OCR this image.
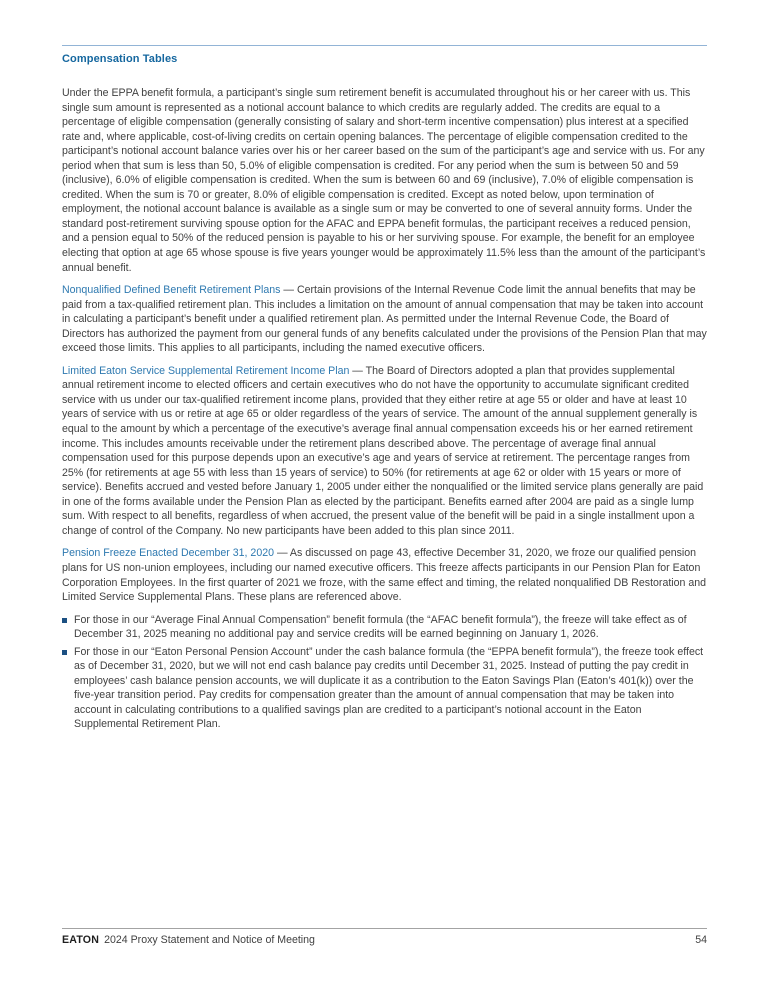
Compensation Tables

Under the EPPA benefit formula, a participant’s single sum retirement benefit is accumulated throughout his or her career with us. This single sum amount is represented as a notional account balance to which credits are regularly added. The credits are equal to a percentage of eligible compensation (generally consisting of salary and short-term incentive compensation) plus interest at a specified rate and, where applicable, cost-of-living credits on certain opening balances. The percentage of eligible compensation credited to the participant’s notional account balance varies over his or her career based on the sum of the participant’s age and service with us. For any period when that sum is less than 50, 5.0% of eligible compensation is credited. For any period when the sum is between 50 and 59 (inclusive), 6.0% of eligible compensation is credited. When the sum is between 60 and 69 (inclusive), 7.0% of eligible compensation is credited. When the sum is 70 or greater, 8.0% of eligible compensation is credited. Except as noted below, upon termination of employment, the notional account balance is available as a single sum or may be converted to one of several annuity forms. Under the standard post-retirement surviving spouse option for the AFAC and EPPA benefit formulas, the participant receives a reduced pension, and a pension equal to 50% of the reduced pension is payable to his or her surviving spouse. For example, the benefit for an employee electing that option at age 65 whose spouse is five years younger would be approximately 11.5% less than the amount of the participant’s annual benefit.

Nonqualified Defined Benefit Retirement Plans — Certain provisions of the Internal Revenue Code limit the annual benefits that may be paid from a tax-qualified retirement plan. This includes a limitation on the amount of annual compensation that may be taken into account in calculating a participant’s benefit under a qualified retirement plan. As permitted under the Internal Revenue Code, the Board of Directors has authorized the payment from our general funds of any benefits calculated under the provisions of the Pension Plan that may exceed those limits. This applies to all participants, including the named executive officers.

Limited Eaton Service Supplemental Retirement Income Plan — The Board of Directors adopted a plan that provides supplemental annual retirement income to elected officers and certain executives who do not have the opportunity to accumulate significant credited service with us under our tax-qualified retirement income plans, provided that they either retire at age 55 or older and have at least 10 years of service with us or retire at age 65 or older regardless of the years of service. The amount of the annual supplement generally is equal to the amount by which a percentage of the executive’s average final annual compensation exceeds his or her earned retirement income. This includes amounts receivable under the retirement plans described above. The percentage of average final annual compensation used for this purpose depends upon an executive’s age and years of service at retirement. The percentage ranges from 25% (for retirements at age 55 with less than 15 years of service) to 50% (for retirements at age 62 or older with 15 years or more of service). Benefits accrued and vested before January 1, 2005 under either the nonqualified or the limited service plans generally are paid in one of the forms available under the Pension Plan as elected by the participant. Benefits earned after 2004 are paid as a single lump sum. With respect to all benefits, regardless of when accrued, the present value of the benefit will be paid in a single installment upon a change of control of the Company. No new participants have been added to this plan since 2011.

Pension Freeze Enacted December 31, 2020 — As discussed on page 43, effective December 31, 2020, we froze our qualified pension plans for US non-union employees, including our named executive officers. This freeze affects participants in our Pension Plan for Eaton Corporation Employees. In the first quarter of 2021 we froze, with the same effect and timing, the related nonqualified DB Restoration and Limited Service Supplemental Plans. These plans are referenced above.

For those in our “Average Final Annual Compensation” benefit formula (the “AFAC benefit formula”), the freeze will take effect as of December 31, 2025 meaning no additional pay and service credits will be earned beginning on January 1, 2026.
For those in our “Eaton Personal Pension Account” under the cash balance formula (the “EPPA benefit formula”), the freeze took effect as of December 31, 2020, but we will not end cash balance pay credits until December 31, 2025. Instead of putting the pay credit in employees’ cash balance pension accounts, we will duplicate it as a contribution to the Eaton Savings Plan (Eaton’s 401(k)) over the five-year transition period. Pay credits for compensation greater than the amount of annual compensation that may be taken into account in calculating contributions to a qualified savings plan are credited to a participant’s notional account in the Eaton Supplemental Retirement Plan.
EATON 2024 Proxy Statement and Notice of Meeting	54
